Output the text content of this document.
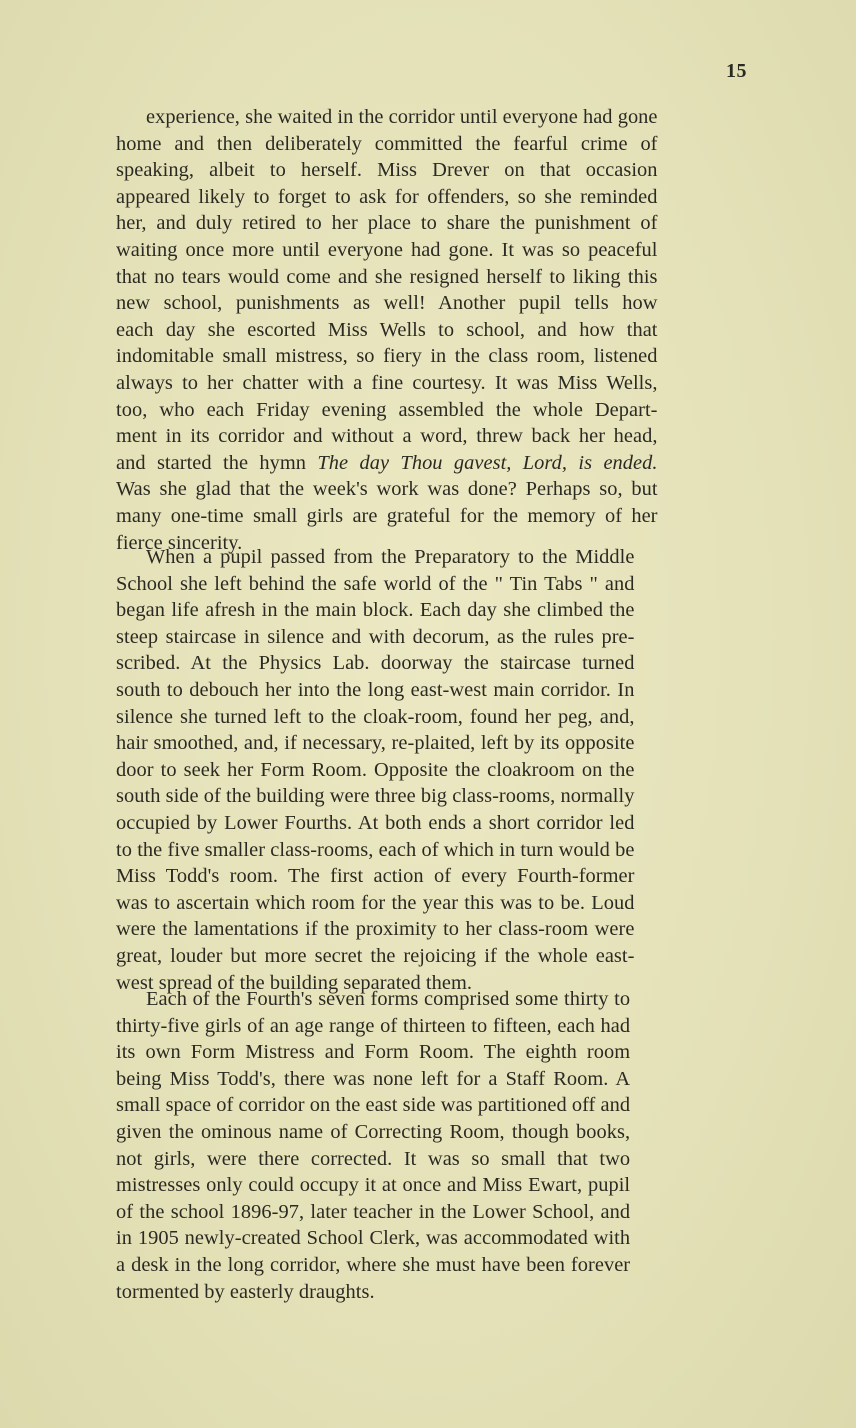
15

experience, she waited in the corridor until everyone had gone
home and then deliberately committed the fearful crime of
speaking, albeit to herself. Miss Drever on that occasion
appeared likely to forget to ask for offenders, so she reminded
her, and duly retired to her place to share the punishment of
waiting once more until everyone had gone. It was so peaceful
that no tears would come and she resigned herself to liking this
new school, punishments as well! Another pupil tells how
each day she escorted Miss Wells to school, and how that
indomitable small mistress, so fiery in the class room, listened
always to her chatter with a fine courtesy. It was Miss Wells,
too, who each Friday evening assembled the whole Depart-
ment in its corridor and without a word, threw back her head,
and started the hymn The day Thou gavest, Lord, is ended.
Was she glad that the week's work was done? Perhaps so, but
many one-time small girls are grateful for the memory of her
fierce sincerity.

When a pupil passed from the Preparatory to the Middle
School she left behind the safe world of the " Tin Tabs " and
began life afresh in the main block. Each day she climbed the
steep staircase in silence and with decorum, as the rules pre-
scribed. At the Physics Lab. doorway the staircase turned
south to debouch her into the long east-west main corridor. In
silence she turned left to the cloak-room, found her peg, and,
hair smoothed, and, if necessary, re-plaited, left by its opposite
door to seek her Form Room. Opposite the cloakroom on the
south side of the building were three big class-rooms, normally
occupied by Lower Fourths. At both ends a short corridor led
to the five smaller class-rooms, each of which in turn would be
Miss Todd's room. The first action of every Fourth-former
was to ascertain which room for the year this was to be. Loud
were the lamentations if the proximity to her class-room were
great, louder but more secret the rejoicing if the whole east-
west spread of the building separated them.

Each of the Fourth's seven forms comprised some thirty to
thirty-five girls of an age range of thirteen to fifteen, each had
its own Form Mistress and Form Room. The eighth room
being Miss Todd's, there was none left for a Staff Room. A
small space of corridor on the east side was partitioned off and
given the ominous name of Correcting Room, though books,
not girls, were there corrected. It was so small that two
mistresses only could occupy it at once and Miss Ewart, pupil
of the school 1896-97, later teacher in the Lower School, and
in 1905 newly-created School Clerk, was accommodated with
a desk in the long corridor, where she must have been forever
tormented by easterly draughts.
